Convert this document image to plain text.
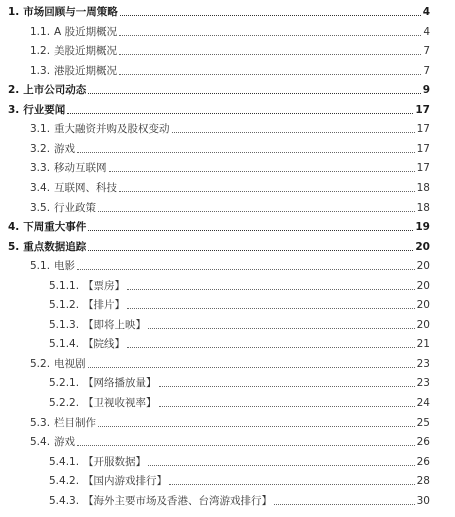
1. 市场回顾与一周策略	4
1.1. A 股近期概况	4
1.2. 美股近期概况	7
1.3. 港股近期概况	7
2. 上市公司动态	9
3. 行业要闻	17
3.1. 重大融资并购及股权变动	17
3.2. 游戏	17
3.3. 移动互联网	17
3.4. 互联网、科技	18
3.5. 行业政策	18
4. 下周重大事件	19
5. 重点数据追踪	20
5.1. 电影	20
5.1.1. 【票房】	20
5.1.2. 【排片】	20
5.1.3. 【即将上映】	20
5.1.4. 【院线】	21
5.2. 电视剧	23
5.2.1. 【网络播放量】	23
5.2.2. 【卫视收视率】	24
5.3. 栏目制作	25
5.4. 游戏	26
5.4.1. 【开服数据】	26
5.4.2. 【国内游戏排行】	28
5.4.3. 【海外主要市场及香港、台湾游戏排行】	30
